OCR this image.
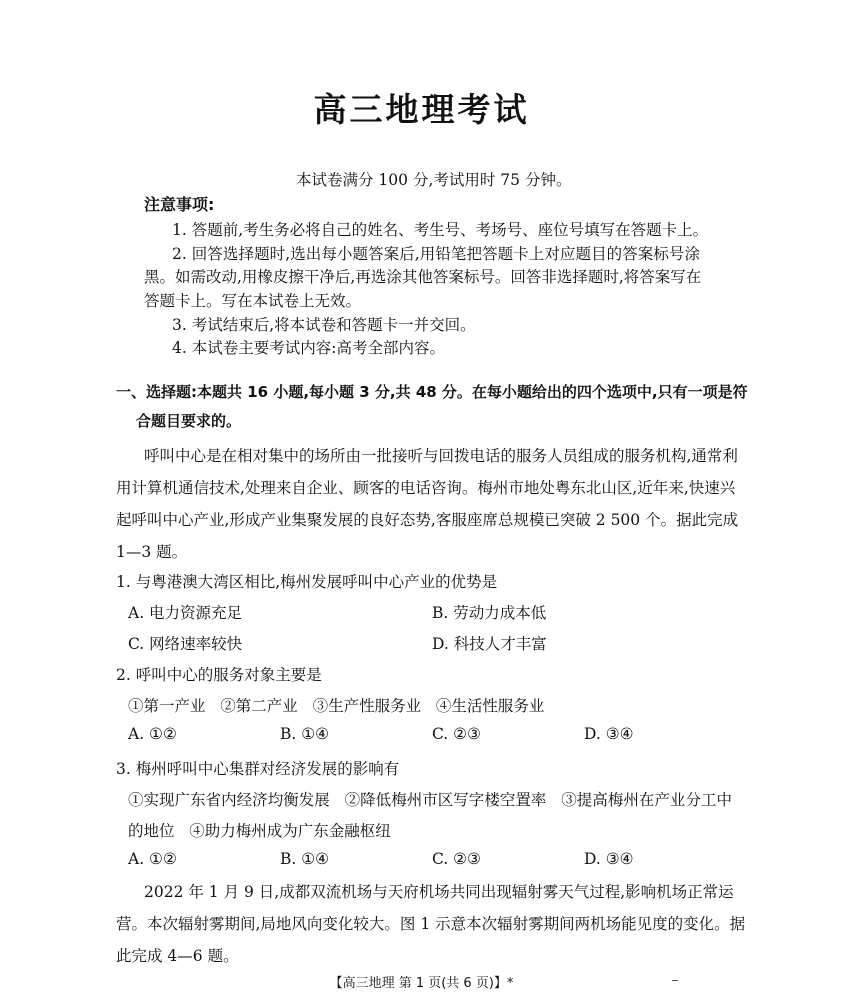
高三地理考试
本试卷满分 100 分,考试用时 75 分钟。
注意事项:
1. 答题前,考生务必将自己的姓名、考生号、考场号、座位号填写在答题卡上。
2. 回答选择题时,选出每小题答案后,用铅笔把答题卡上对应题目的答案标号涂
黑。如需改动,用橡皮擦干净后,再选涂其他答案标号。回答非选择题时,将答案写在
答题卡上。写在本试卷上无效。
3. 考试结束后,将本试卷和答题卡一并交回。
4. 本试卷主要考试内容:高考全部内容。
一、选择题:本题共 16 小题,每小题 3 分,共 48 分。在每小题给出的四个选项中,只有一项是符
合题目要求的。
呼叫中心是在相对集中的场所由一批接听与回拨电话的服务人员组成的服务机构,通常利
用计算机通信技术,处理来自企业、顾客的电话咨询。梅州市地处粤东北山区,近年来,快速兴
起呼叫中心产业,形成产业集聚发展的良好态势,客服座席总规模已突破 2 500 个。据此完成
1—3 题。
1. 与粤港澳大湾区相比,梅州发展呼叫中心产业的优势是
A. 电力资源充足	B. 劳动力成本低
C. 网络速率较快	D. 科技人才丰富
2. 呼叫中心的服务对象主要是
①第一产业   ②第二产业   ③生产性服务业   ④生活性服务业
A. ①②	B. ①④	C. ②③	D. ③④
3. 梅州呼叫中心集群对经济发展的影响有
①实现广东省内经济均衡发展   ②降低梅州市区写字楼空置率   ③提高梅州在产业分工中
的地位   ④助力梅州成为广东金融枢纽
A. ①②	B. ①④	C. ②③	D. ③④
2022 年 1 月 9 日,成都双流机场与天府机场共同出现辐射雾天气过程,影响机场正常运
营。本次辐射雾期间,局地风向变化较大。图 1 示意本次辐射雾期间两机场能见度的变化。据
此完成 4—6 题。
【高三地理 第 1 页(共 6 页)】*
